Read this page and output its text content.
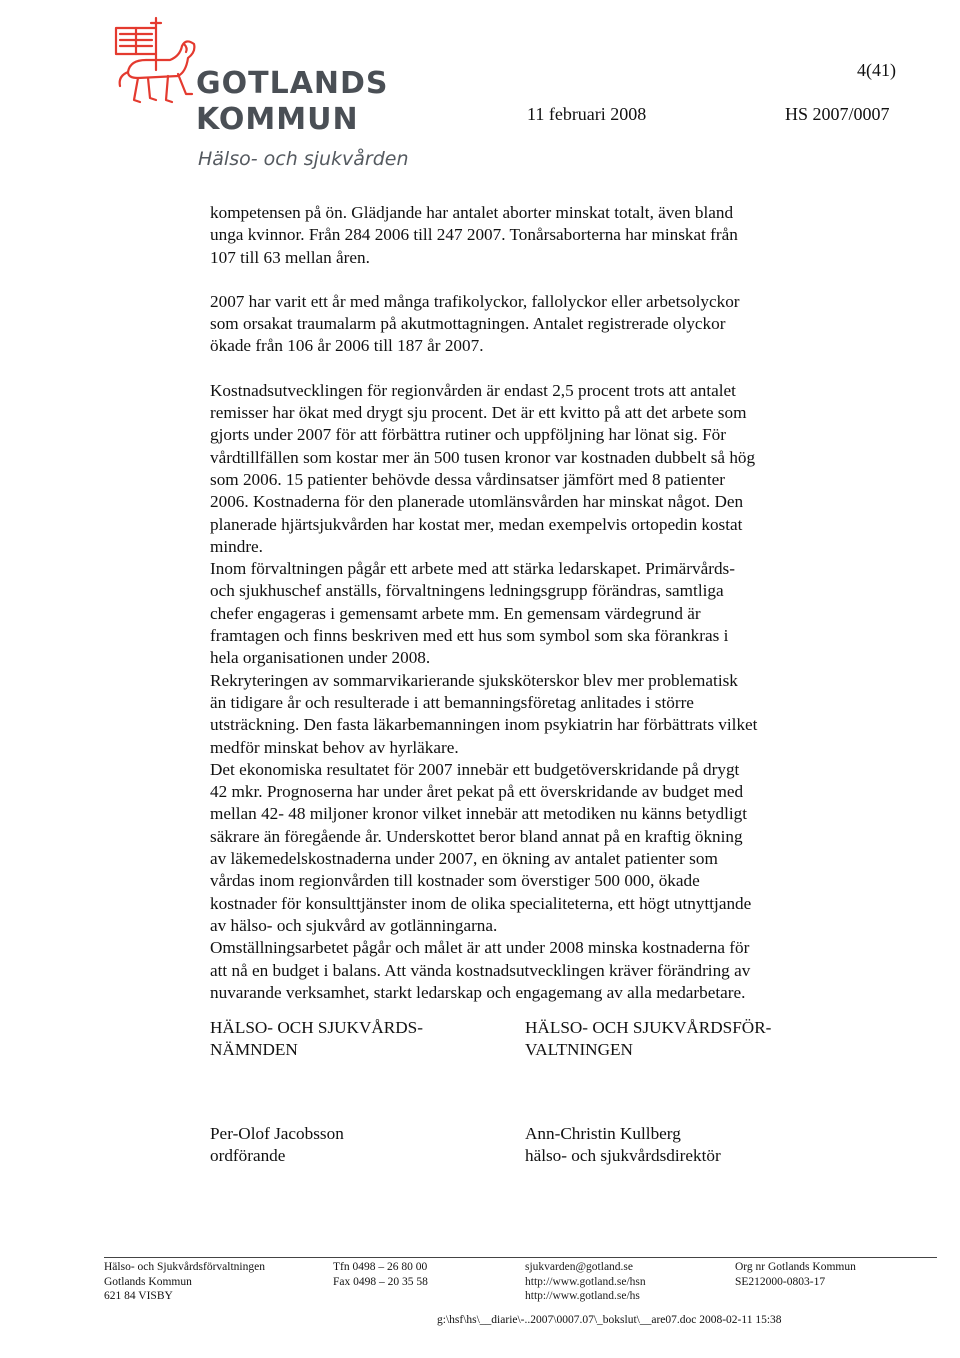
GOTLANDS
KOMMUN
Hälso- och sjukvården
4(41)
11 februari 2008	HS 2007/0007

kompetensen på ön. Glädjande har antalet aborter minskat totalt, även bland
unga kvinnor. Från 284 2006 till 247 2007. Tonårsaborterna har minskat från
107 till 63 mellan åren.

2007 har varit ett år med många trafikolyckor, fallolyckor eller arbetsolyckor
som orsakat traumalarm på akutmottagningen. Antalet registrerade olyckor
ökade från 106 år 2006 till 187 år 2007.

Kostnadsutvecklingen för regionvården är endast 2,5 procent trots att antalet
remisser har ökat med drygt sju procent. Det är ett kvitto på att det arbete som
gjorts under 2007 för att förbättra rutiner och uppföljning har lönat sig. För
vårdtillfällen som kostar mer än 500 tusen kronor var kostnaden dubbelt så hög
som 2006. 15 patienter behövde dessa vårdinsatser jämfört med 8 patienter
2006. Kostnaderna för den planerade utomlänsvården har minskat något. Den
planerade hjärtsjukvården har kostat mer, medan exempelvis ortopedin kostat
mindre.

Inom förvaltningen pågår ett arbete med att stärka ledarskapet. Primärvårds-
och sjukhuschef anställs, förvaltningens ledningsgrupp förändras, samtliga
chefer engageras i gemensamt arbete mm. En gemensam värdegrund är
framtagen och finns beskriven med ett hus som symbol som ska förankras i
hela organisationen under 2008.

Rekryteringen av sommarvikarierande sjuksköterskor blev mer problematisk
än tidigare år och resulterade i att bemanningsföretag anlitades i större
utsträckning. Den fasta läkarbemanningen inom psykiatrin har förbättrats vilket
medför minskat behov av hyrläkare.

Det ekonomiska resultatet för 2007 innebär ett budgetöverskridande på drygt
42 mkr. Prognoserna har under året pekat på ett överskridande av budget med
mellan 42- 48 miljoner kronor vilket innebär att metodiken nu känns betydligt
säkrare än föregående år. Underskottet beror bland annat på en kraftig ökning
av läkemedelskostnaderna under 2007, en ökning av antalet patienter som
vårdas inom regionvården till kostnader som överstiger 500 000, ökade
kostnader för konsulttjänster inom de olika specialiteterna, ett högt utnyttjande
av hälso- och sjukvård av gotlänningarna.

Omställningsarbetet pågår och målet är att under 2008 minska kostnaderna för
att nå en budget i balans. Att vända kostnadsutvecklingen kräver förändring av
nuvarande verksamhet, starkt ledarskap och engagemang av alla medarbetare.

HÄLSO- OCH SJUKVÅRDS-
NÄMNDEN
HÄLSO- OCH SJUKVÅRDSFÖR-
VALTNINGEN
Per-Olof Jacobsson
ordförande
Ann-Christin Kullberg
hälso- och sjukvårdsdirektör
Hälso- och Sjukvårdsförvaltningen
Gotlands Kommun
621 84 VISBY
Tfn 0498 – 26 80 00
Fax 0498 – 20 35 58
sjukvarden@gotland.se
http://www.gotland.se/hsn
http://www.gotland.se/hs
Org nr Gotlands Kommun
SE212000-0803-17
g:\hsf\hs\__diarie\-..2007\0007.07\_bokslut\__are07.doc 2008-02-11 15:38
